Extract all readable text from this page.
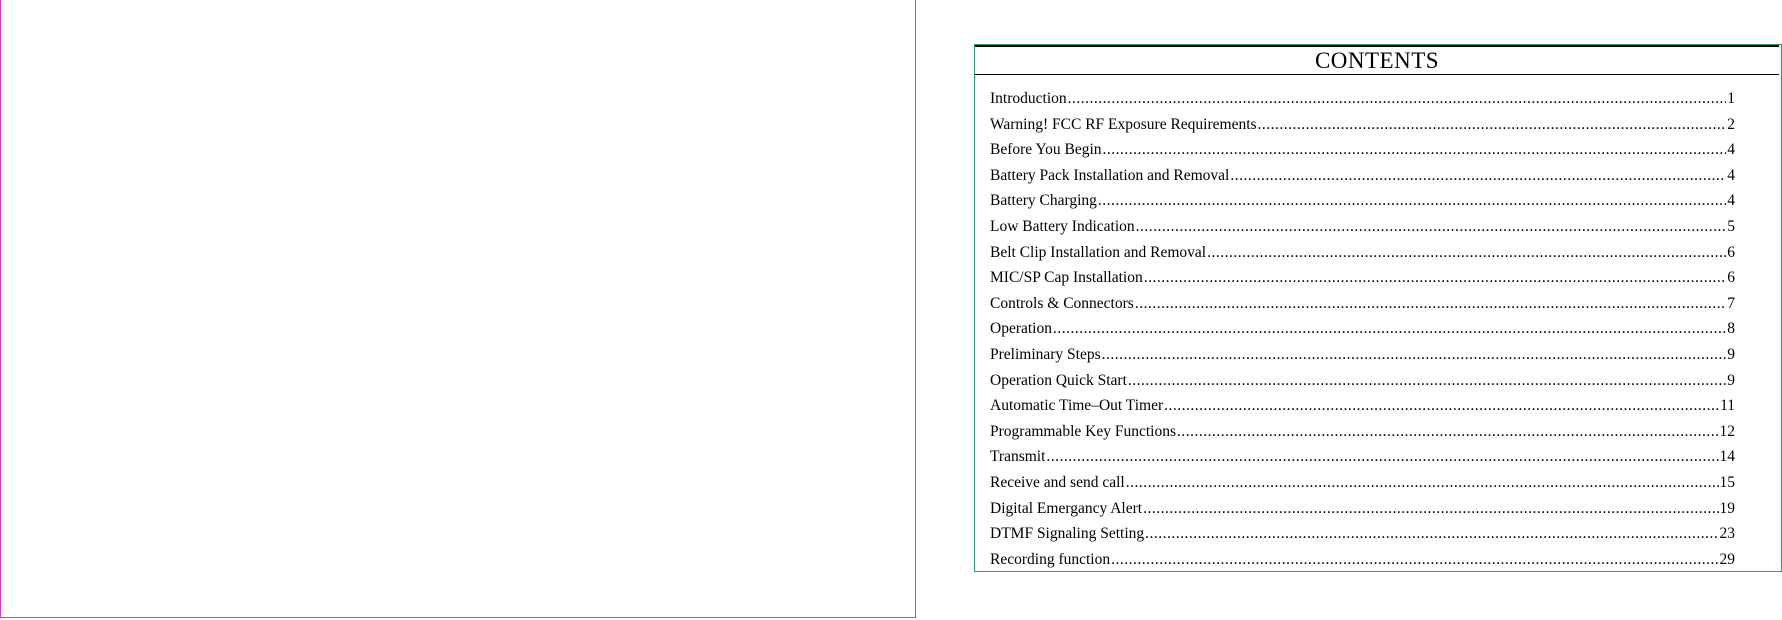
CONTENTS
Introduction .....	1
Warning! FCC RF Exposure Requirements .....	2
Before You Begin .....	4
Battery Pack Installation and Removal .....	4
Battery Charging .....	4
Low Battery Indication .....	5
Belt Clip Installation and Removal .....	6
MIC/SP Cap Installation .....	6
Controls & Connectors .....	7
Operation .....	8
Preliminary Steps .....	9
Operation Quick Start .....	9
Automatic Time–Out Timer .....	11
Programmable Key Functions .....	12
Transmit .....	14
Receive and send call .....	15
Digital Emergancy Alert .....	19
DTMF Signaling Setting .....	23
Recording function .....	29
